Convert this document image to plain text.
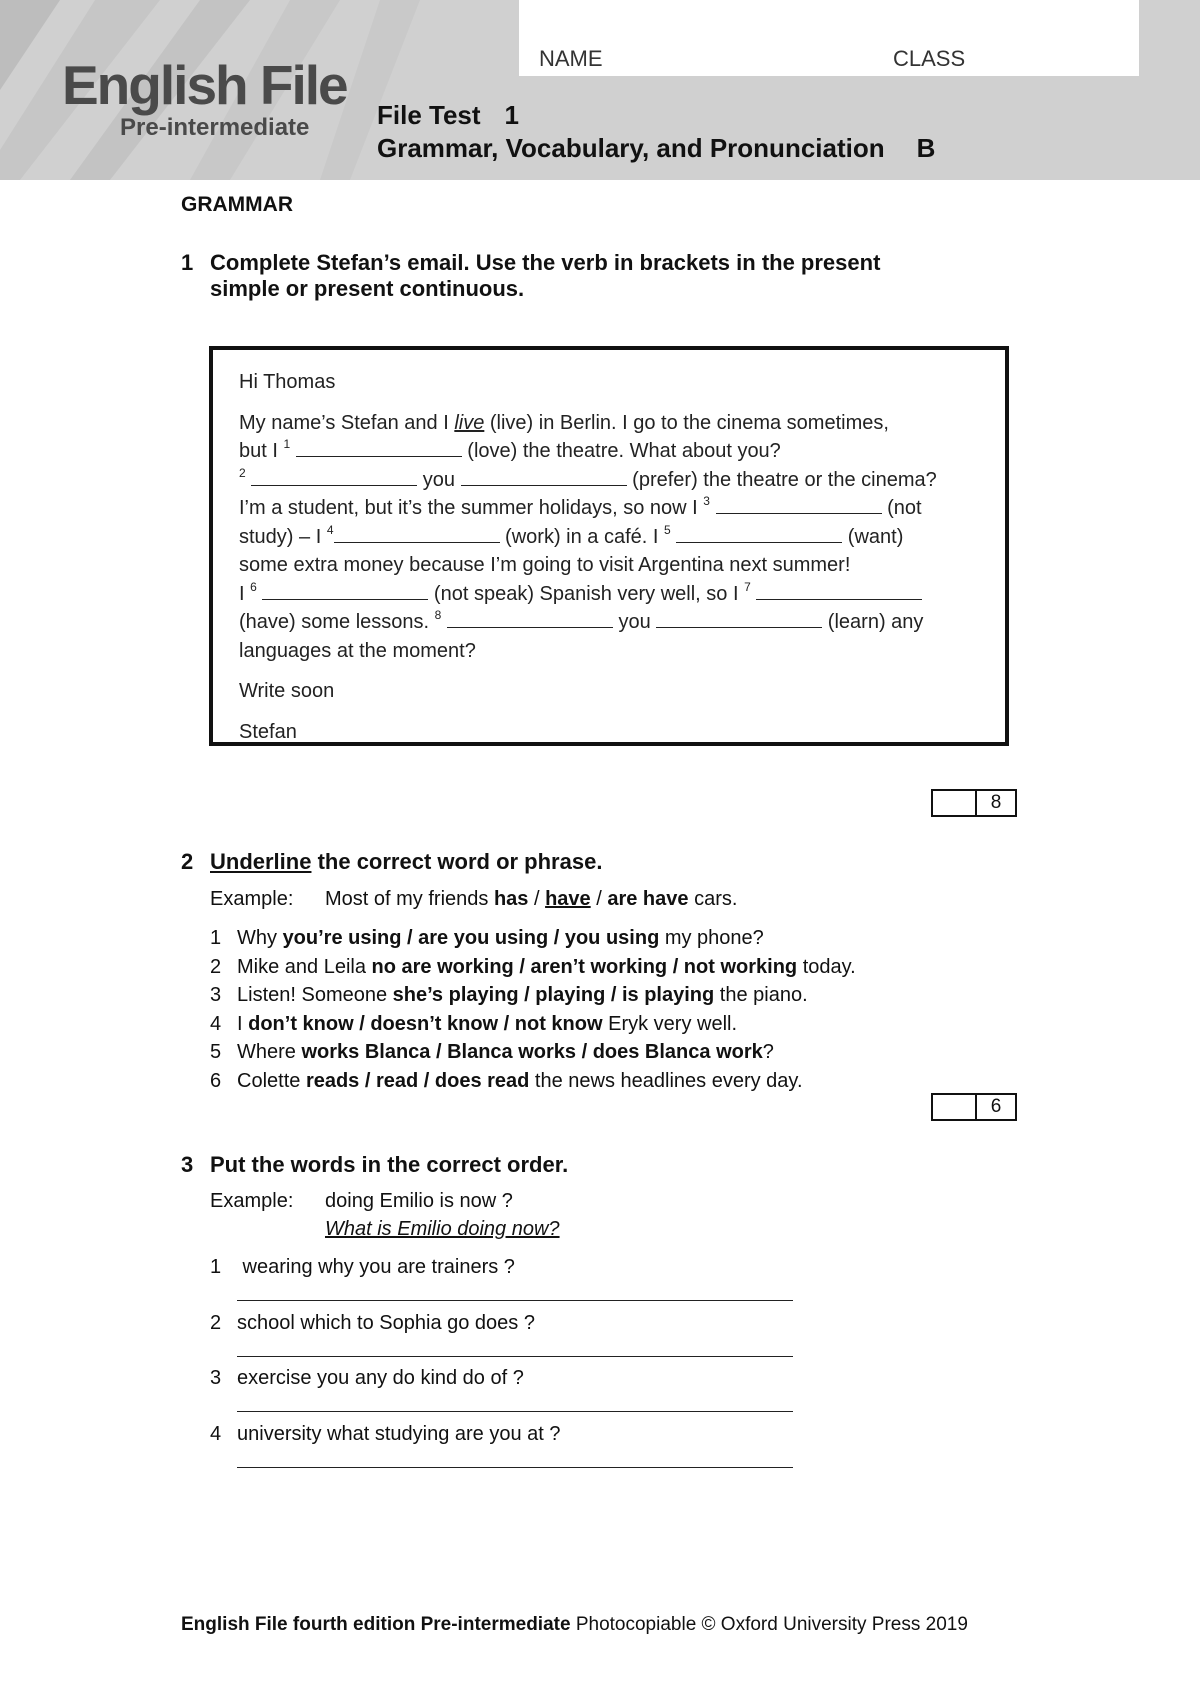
English File
Pre-intermediate
NAME	CLASS
File Test 1
Grammar, Vocabulary, and Pronunciation B
GRAMMAR
1 Complete Stefan’s email. Use the verb in brackets in the present
simple or present continuous.

Hi Thomas

My name’s Stefan and I live (live) in Berlin. I go to the cinema sometimes,

but I $^1$	(love) the theatre. What about you?

$^2$	you	(prefer) the theatre or the cinema?

I’m a student, but it’s the summer holidays, so now I $^3$	(not

study) – I $^4$	(work) in a café. I $^5$	(want)

some extra money because I’m going to visit Argentina next summer!

I $^6$	(not speak) Spanish very well, so I $^7$

(have) some lessons. $^8$	you	(learn) any

languages at the moment?

Write soon

Stefan

8
2 Underline the correct word or phrase.
Example: Most of my friends has / have / are have cars.
1 Why you’re using / are you using / you using my phone?
2 Mike and Leila no are working / aren’t working / not working today.
3 Listen! Someone she’s playing / playing / is playing the piano.
4 I don’t know / doesn’t know / not know Eryk very well.
5 Where works Blanca / Blanca works / does Blanca work?
6 Colette reads / read / does read the news headlines every day.
6
3 Put the words in the correct order.
Example: doing Emilio is now ?
What is Emilio doing now?
1 wearing why you are trainers ?
2 school which to Sophia go does ?
3 exercise you any do kind do of ?
4 university what studying are you at ?
English File fourth edition Pre-intermediate Photocopiable © Oxford University Press 2019
